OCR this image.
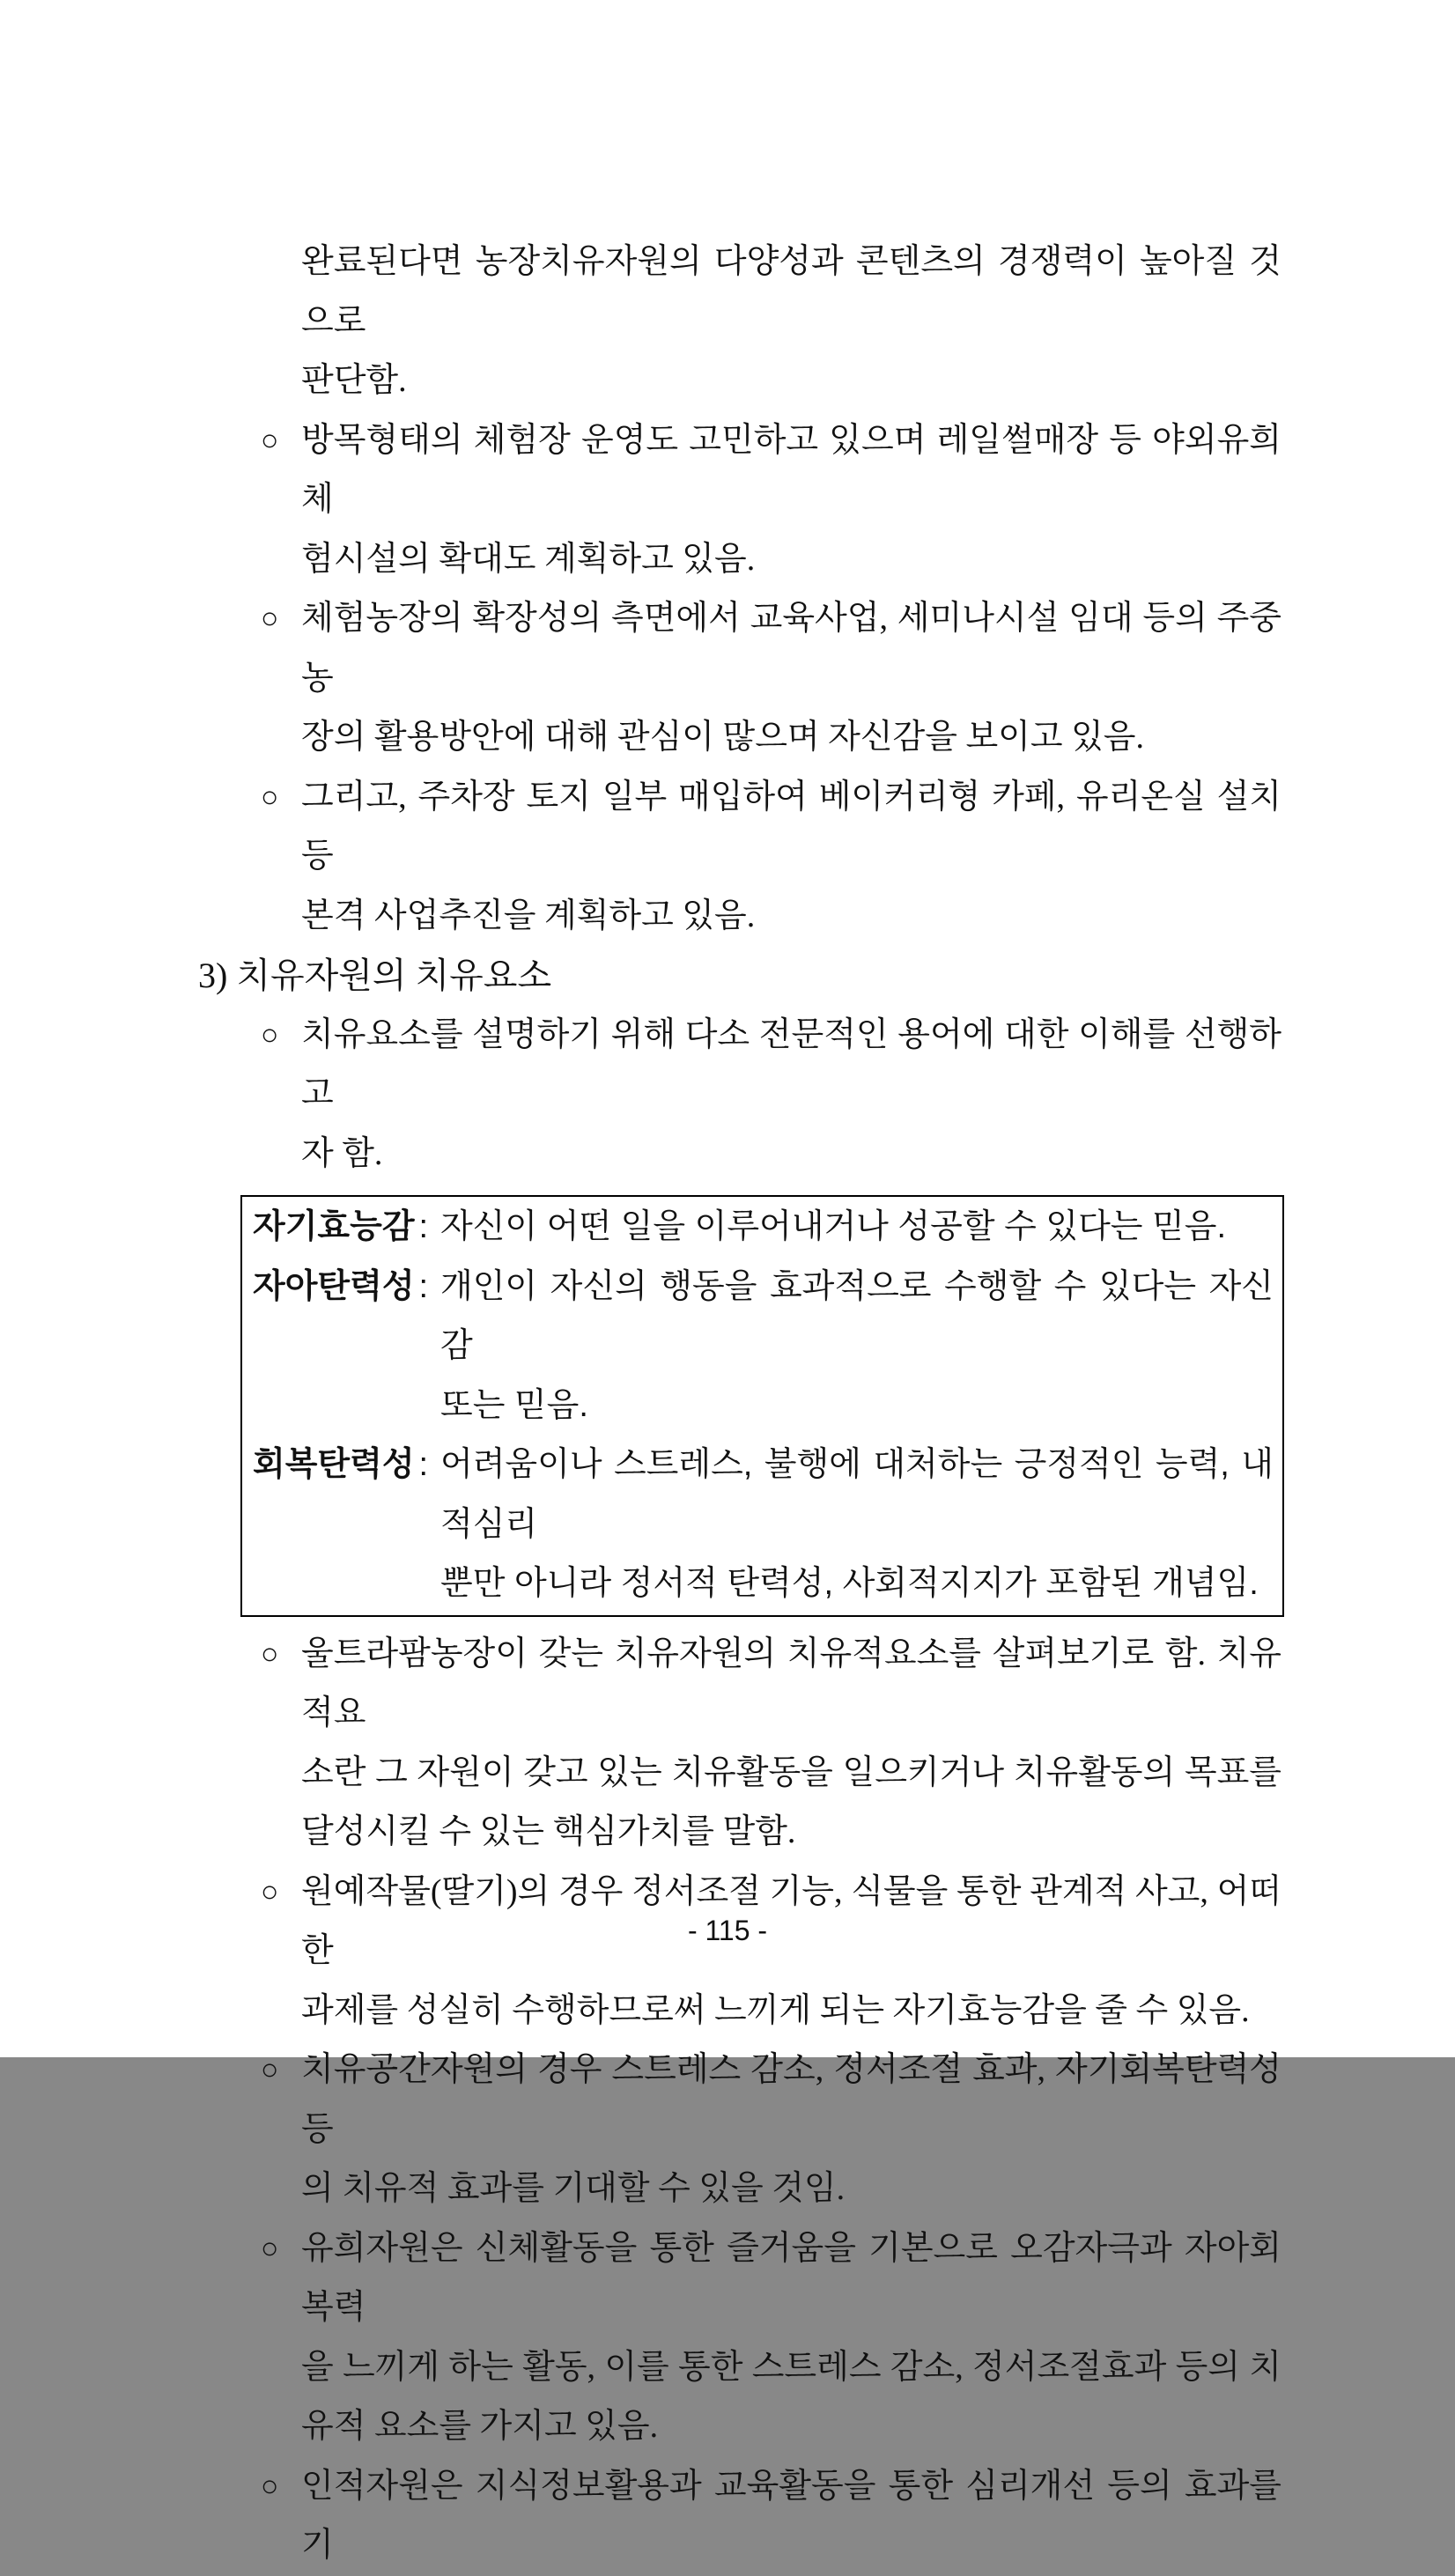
완료된다면 농장치유자원의 다양성과 콘텐츠의 경쟁력이 높아질 것으로
판단함.
○ 방목형태의 체험장 운영도 고민하고 있으며 레일썰매장 등 야외유희체
험시설의 확대도 계획하고 있음.
○ 체험농장의 확장성의 측면에서 교육사업, 세미나시설 임대 등의 주중 농
장의 활용방안에 대해 관심이 많으며 자신감을 보이고 있음.
○ 그리고, 주차장 토지 일부 매입하여 베이커리형 카페, 유리온실 설치 등
본격 사업추진을 계획하고 있음.
3) 치유자원의 치유요소
○ 치유요소를 설명하기 위해 다소 전문적인 용어에 대한 이해를 선행하고
자 함.
자기효능감 : 자신이 어떤 일을 이루어내거나 성공할 수 있다는 믿음.
자아탄력성 : 개인이 자신의 행동을 효과적으로 수행할 수 있다는 자신감
또는 믿음.
회복탄력성 : 어려움이나 스트레스, 불행에 대처하는 긍정적인 능력, 내적심리
뿐만 아니라 정서적 탄력성, 사회적지지가 포함된 개념임.
○ 울트라팜농장이 갖는 치유자원의 치유적요소를 살펴보기로 함. 치유적요
소란 그 자원이 갖고 있는 치유활동을 일으키거나 치유활동의 목표를
달성시킬 수 있는 핵심가치를 말함.
○ 원예작물(딸기)의 경우 정서조절 기능, 식물을 통한 관계적 사고, 어떠한
과제를 성실히 수행하므로써 느끼게 되는 자기효능감을 줄 수 있음.
○ 치유공간자원의 경우 스트레스 감소, 정서조절 효과, 자기회복탄력성 등
의 치유적 효과를 기대할 수 있을 것임.
○ 유희자원은 신체활동을 통한 즐거움을 기본으로 오감자극과 자아회복력
을 느끼게 하는 활동, 이를 통한 스트레스 감소, 정서조절효과 등의 치
유적 요소를 가지고 있음.
○ 인적자원은 지식정보활용과 교육활동을 통한 심리개선 등의 효과를 기
- 115 -
